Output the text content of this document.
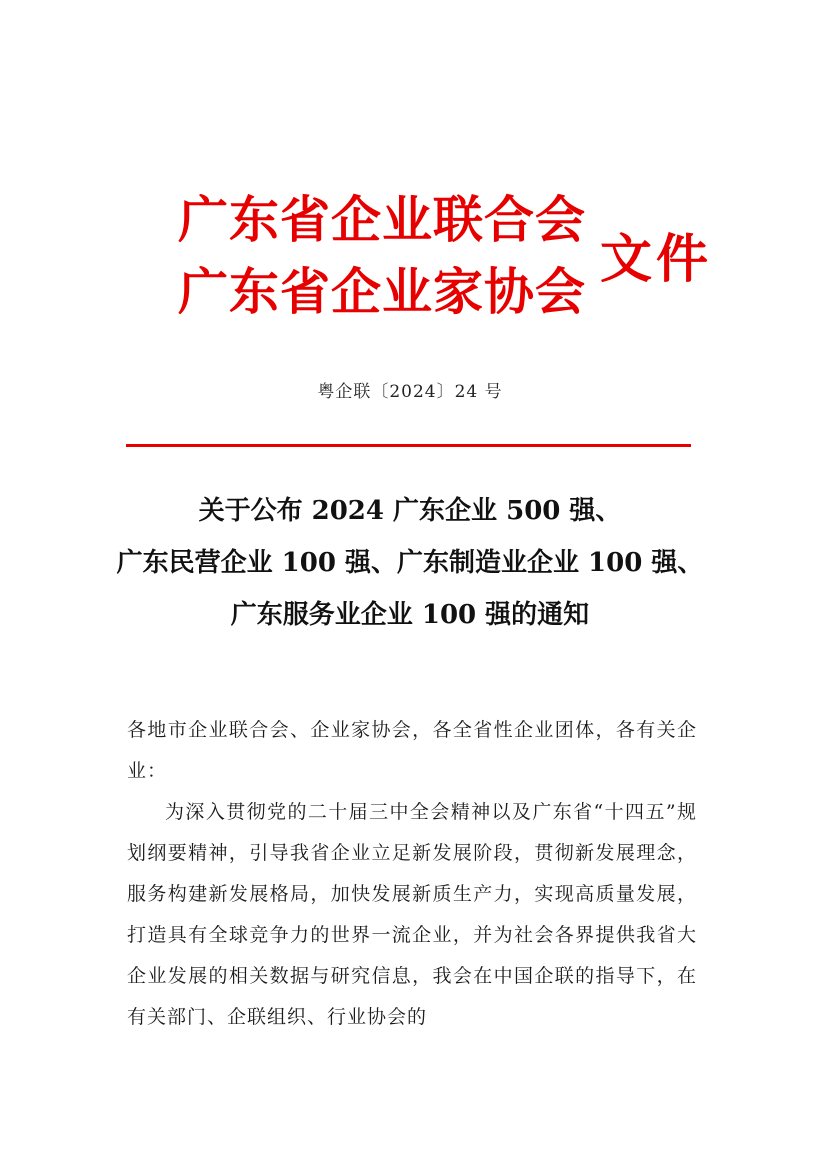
广东省企业联合会
广东省企业家协会
文件
粤企联〔2024〕24 号
关于公布 2024 广东企业 500 强、
广东民营企业 100 强、广东制造业企业 100 强、
广东服务业企业 100 强的通知

各地市企业联合会、企业家协会，各全省性企业团体，各有关企业：

为深入贯彻党的二十届三中全会精神以及广东省“十四五”规划纲要精神，引导我省企业立足新发展阶段，贯彻新发展理念，服务构建新发展格局，加快发展新质生产力，实现高质量发展，打造具有全球竞争力的世界一流企业，并为社会各界提供我省大企业发展的相关数据与研究信息，我会在中国企联的指导下，在有关部门、企联组织、行业协会的
